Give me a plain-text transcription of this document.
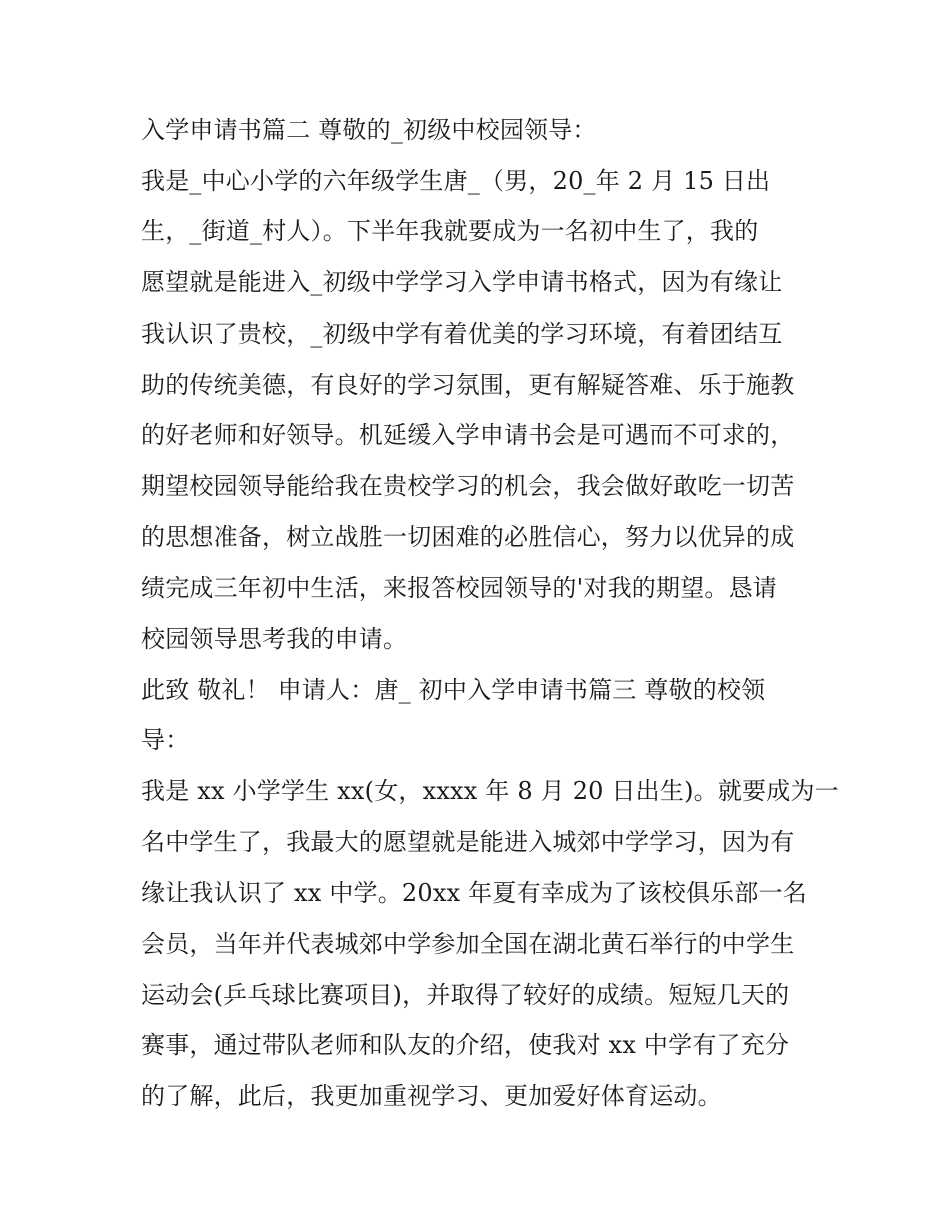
入学申请书篇二 尊敬的_初级中校园领导：

我是_中心小学的六年级学生唐_（男，20_年 2 月 15 日出

生，_街道_村人）。下半年我就要成为一名初中生了，我的

愿望就是能进入_初级中学学习入学申请书格式，因为有缘让

我认识了贵校，_初级中学有着优美的学习环境，有着团结互

助的传统美德，有良好的学习氛围，更有解疑答难、乐于施教

的好老师和好领导。机延缓入学申请书会是可遇而不可求的，

期望校园领导能给我在贵校学习的机会，我会做好敢吃一切苦

的思想准备，树立战胜一切困难的必胜信心，努力以优异的成

绩完成三年初中生活，来报答校园领导的'对我的期望。恳请

校园领导思考我的申请。

此致 敬礼！ 申请人：唐_ 初中入学申请书篇三 尊敬的校领

导：

我是 xx 小学学生 xx(女，xxxx 年 8 月 20 日出生)。就要成为一

名中学生了，我最大的愿望就是能进入城郊中学学习，因为有

缘让我认识了 xx 中学。20xx 年夏有幸成为了该校俱乐部一名

会员，当年并代表城郊中学参加全国在湖北黄石举行的中学生

运动会(乒乓球比赛项目)，并取得了较好的成绩。短短几天的

赛事，通过带队老师和队友的介绍，使我对 xx 中学有了充分

的了解，此后，我更加重视学习、更加爱好体育运动。
